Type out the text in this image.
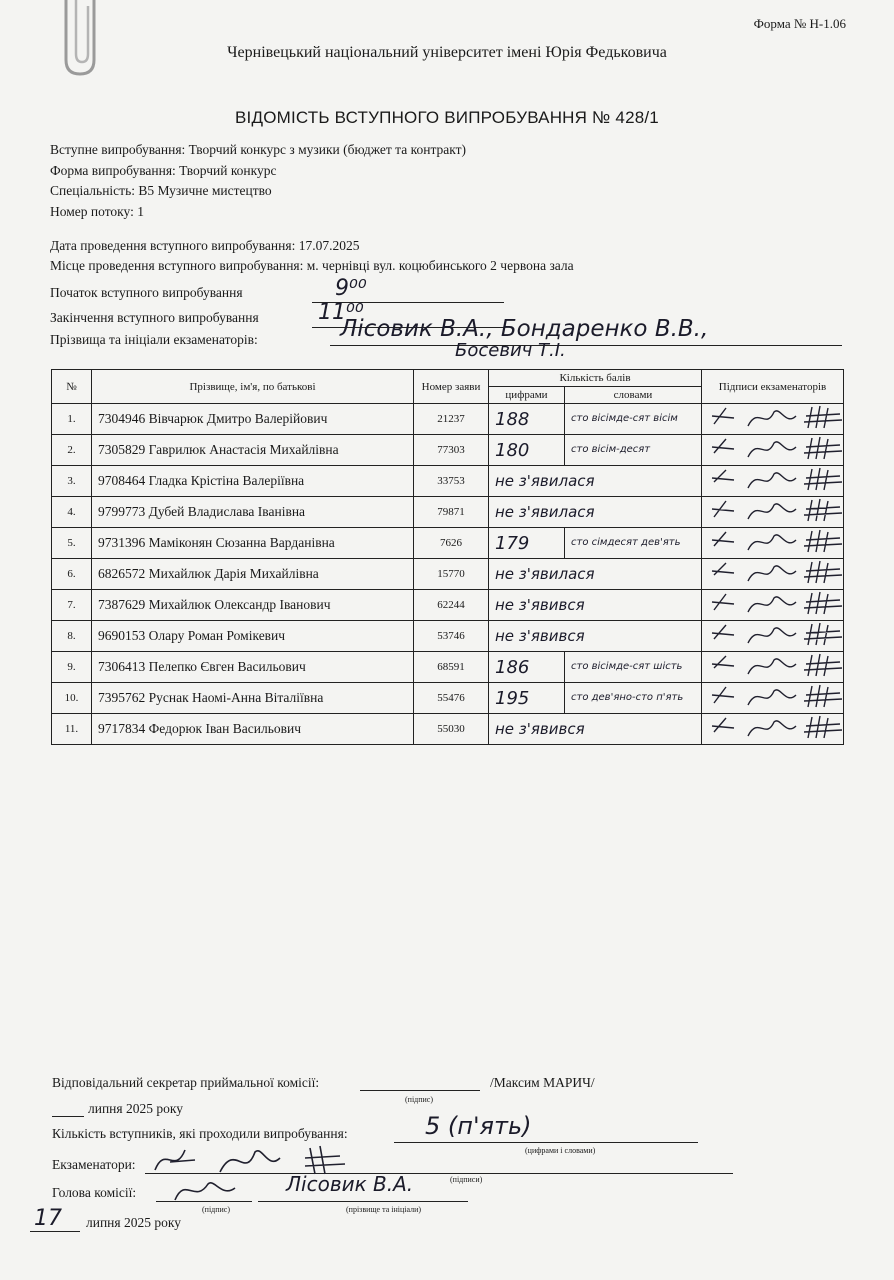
Форма № Н-1.06
Чернівецький національний університет імені Юрія Федьковича
ВІДОМІСТЬ ВСТУПНОГО ВИПРОБУВАННЯ № 428/1
Вступне випробування: Творчий конкурс з музики (бюджет та контракт)
Форма випробування: Творчий конкурс
Спеціальність: В5 Музичне мистецтво
Номер потоку: 1
Дата проведення вступного випробування: 17.07.2025
Місце проведення вступного випробування: м. чернівці вул. коцюбинського 2 червона зала
Початок вступного випробування	9⁰⁰
Закінчення вступного випробування	11⁰⁰
Прізвища та ініціали екзаменаторів:	Лісовик В.А., Бондаренко В.В.,
Босевич Т.І.
№	Прізвище, ім'я, по батькові	Номер заяви	Кількість балів		Підписи екзаменаторів
			цифрами	словами	
1.	7304946 Вівчарюк Дмитро Валерійович	21237	188	сто вісімде-сят вісім	
2.	7305829 Гаврилюк Анастасія Михайлівна	77303	180	сто вісім-десят	
3.	9708464 Гладка Крістіна Валеріївна	33753	не з'явилася	
4.	9799773 Дубей Владислава Іванівна	79871	не з'явилася	
5.	9731396 Маміконян Сюзанна Варданівна	7626	179	сто сімдесят дев'ять	
6.	6826572 Михайлюк Дарія Михайлівна	15770	не з'явилася	
7.	7387629 Михайлюк Олександр Іванович	62244	не з'явився	
8.	9690153 Олару Роман Ромікевич	53746	не з'явився	
9.	7306413 Пелепко Євген Васильович	68591	186	сто вісімде-сят шість	
10.	7395762 Руснак Наомі-Анна Віталіївна	55476	195	сто дев'яно-сто п'ять	
11.	9717834 Федорюк Іван Васильович	55030	не з'явився	
Відповідальний секретар приймальної комісії:
(підпис)
/Максим МАРИЧ/
липня 2025 року
Кількість вступників, які проходили випробування:	5 (п'ять)
(цифрами і словами)
Екзаменатори:
(підписи)
Голова комісії:
(підпис)
Лісовик В.А.
(прізвище та ініціали)
17 липня 2025 року
